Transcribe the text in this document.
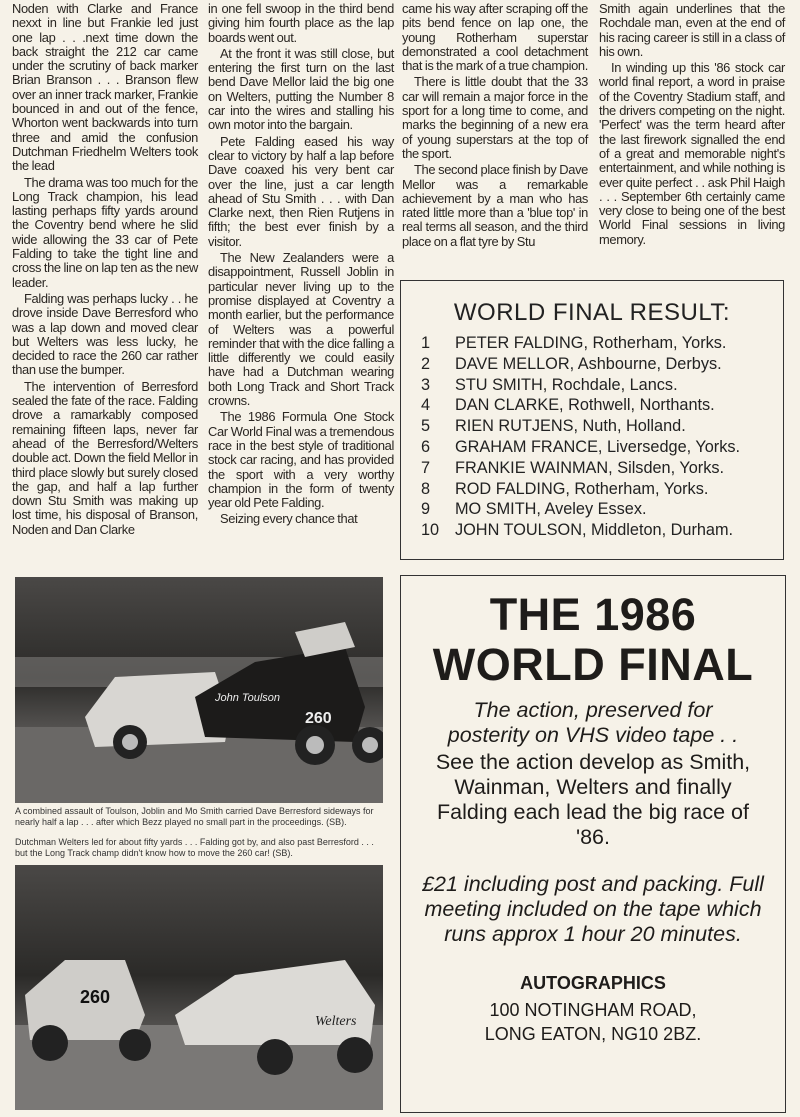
Noden with Clarke and France nexxt in line but Frankie led just one lap . . .next time down the back straight the 212 car came under the scrutiny of back marker Brian Branson . . . Branson flew over an inner track marker, Frankie bounced in and out of the fence, Whorton went backwards into turn three and amid the confusion Dutchman Friedhelm Welters took the lead

The drama was too much for the Long Track champion, his lead lasting perhaps fifty yards around the Coventry bend where he slid wide allowing the 33 car of Pete Falding to take the tight line and cross the line on lap ten as the new leader.

Falding was perhaps lucky . . he drove inside Dave Berresford who was a lap down and moved clear but Welters was less lucky, he decided to race the 260 car rather than use the bumper.

The intervention of Berresford sealed the fate of the race. Falding drove a ramarkably composed remaining fifteen laps, never far ahead of the Berresford/Welters double act. Down the field Mellor in third place slowly but surely closed the gap, and half a lap further down Stu Smith was making up lost time, his disposal of Branson, Noden and Dan Clarke

in one fell swoop in the third bend giving him fourth place as the lap boards went out.

At the front it was still close, but entering the first turn on the last bend Dave Mellor laid the big one on Welters, putting the Number 8 car into the wires and stalling his own motor into the bargain.

Pete Falding eased his way clear to victory by half a lap before Dave coaxed his very bent car over the line, just a car length ahead of Stu Smith . . . with Dan Clarke next, then Rien Rutjens in fifth; the best ever finish by a visitor.

The New Zealanders were a disappointment, Russell Joblin in particular never living up to the promise displayed at Coventry a month earlier, but the performance of Welters was a powerful reminder that with the dice falling a little differently we could easily have had a Dutchman wearing both Long Track and Short Track crowns.

The 1986 Formula One Stock Car World Final was a tremendous race in the best style of traditional stock car racing, and has provided the sport with a very worthy champion in the form of twenty year old Pete Falding.

Seizing every chance that

came his way after scraping off the pits bend fence on lap one, the young Rotherham superstar demonstrated a cool detachment that is the mark of a true champion.

There is little doubt that the 33 car will remain a major force in the sport for a long time to come, and marks the beginning of a new era of young superstars at the top of the sport.

The second place finish by Dave Mellor was a remarkable achievement by a man who has rated little more than a 'blue top' in real terms all season, and the third place on a flat tyre by Stu

Smith again underlines that the Rochdale man, even at the end of his racing career is still in a class of his own.

In winding up this '86 stock car world final report, a word in praise of the Coventry Stadium staff, and the drivers competing on the night. 'Perfect' was the term heard after the last firework signalled the end of a great and memorable night's entertainment, and while nothing is ever quite perfect . . ask Phil Haigh . . . September 6th certainly came very close to being one of the best World Final sessions in living memory.

WORLD FINAL RESULT:
1	PETER FALDING, Rotherham, Yorks.
2	DAVE MELLOR, Ashbourne, Derbys.
3	STU SMITH, Rochdale, Lancs.
4	DAN CLARKE, Rothwell, Northants.
5	RIEN RUTJENS, Nuth, Holland.
6	GRAHAM FRANCE, Liversedge, Yorks.
7	FRANKIE WAINMAN, Silsden, Yorks.
8	ROD FALDING, Rotherham, Yorks.
9	MO SMITH, Aveley Essex.
10 JOHN TOULSON, Middleton, Durham.
260
John Toulson
A combined assault of Toulson, Joblin and Mo Smith carried Dave Berresford sideways for nearly half a lap . . . after which Bezz played no small part in the proceedings. (SB).
Dutchman Welters led for about fifty yards . . . Falding got by, and also past Berresford . . . but the Long Track champ didn't know how to move the 260 car! (SB).
260
Welters
THE 1986
WORLD FINAL
The action, preserved for posterity on VHS video tape . .
See the action develop as Smith, Wainman, Welters and finally Falding each lead the big race of '86.
£21 including post and packing. Full meeting included on the tape which runs approx 1 hour 20 minutes.
AUTOGRAPHICS
100 NOTINGHAM ROAD,
LONG EATON, NG10 2BZ.
